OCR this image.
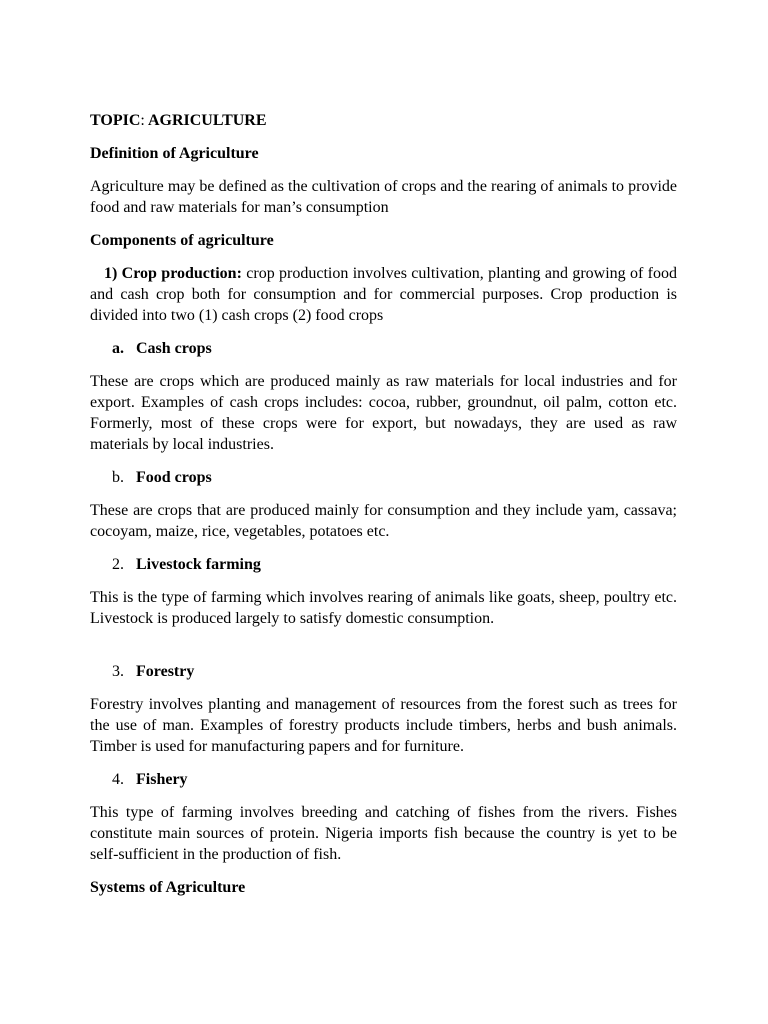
TOPIC: AGRICULTURE
Definition of Agriculture
Agriculture may be defined as the cultivation of crops and the rearing of animals to provide food and raw materials for man’s consumption
Components of agriculture
1) Crop production: crop production involves cultivation, planting and growing of food and cash crop both for consumption and for commercial purposes. Crop production is divided into two (1) cash crops (2) food crops
a. Cash crops
These are crops which are produced mainly as raw materials for local industries and for export. Examples of cash crops includes: cocoa, rubber, groundnut, oil palm, cotton etc. Formerly, most of these crops were for export, but nowadays, they are used as raw materials by local industries.
b. Food crops
These are crops that are produced mainly for consumption and they include yam, cassava; cocoyam, maize, rice, vegetables, potatoes etc.
2. Livestock farming
This is the type of farming which involves rearing of animals like goats, sheep, poultry etc. Livestock is produced largely to satisfy domestic consumption.
3. Forestry
Forestry involves planting and management of resources from the forest such as trees for the use of man. Examples of forestry products include timbers, herbs and bush animals. Timber is used for manufacturing papers and for furniture.
4. Fishery
This type of farming involves breeding and catching of fishes from the rivers. Fishes constitute main sources of protein. Nigeria imports fish because the country is yet to be self-sufficient in the production of fish.
Systems of Agriculture
